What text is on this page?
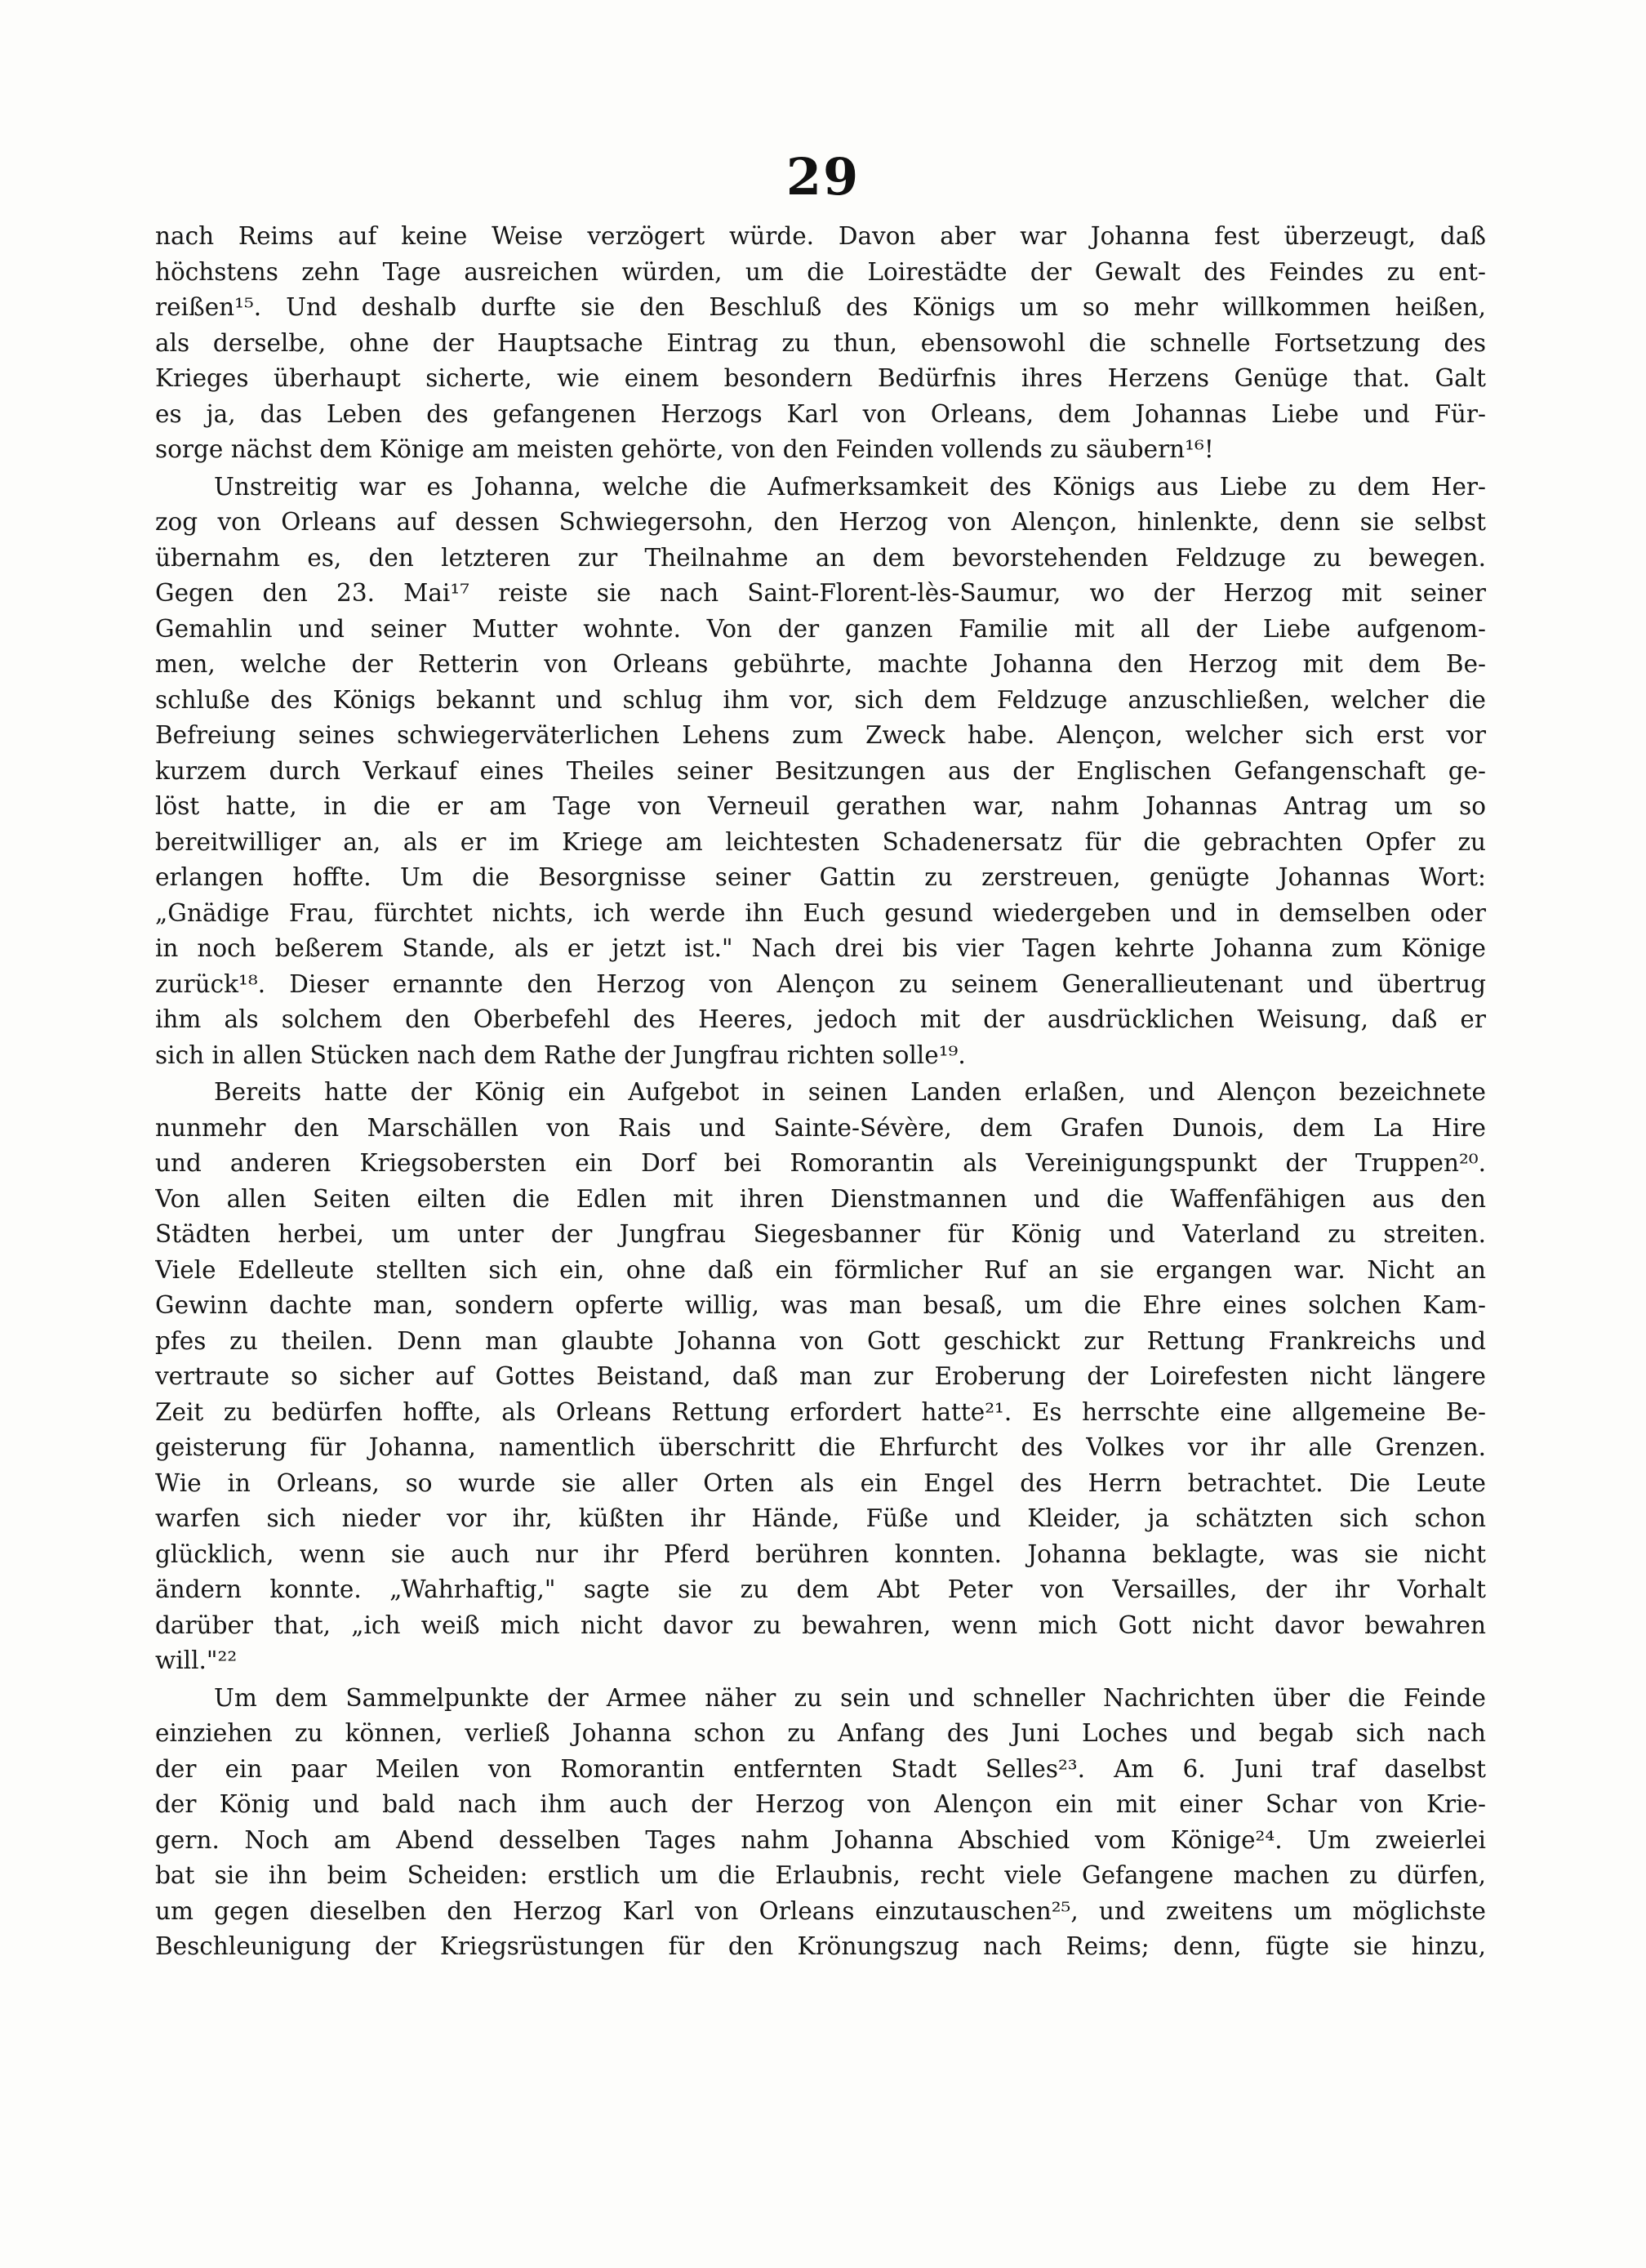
29
nach Reims auf keine Weise verzögert würde. Davon aber war Johanna fest überzeugt, daß
höchstens zehn Tage ausreichen würden, um die Loirestädte der Gewalt des Feindes zu ent-
reißen¹⁵. Und deshalb durfte sie den Beschluß des Königs um so mehr willkommen heißen,
als derselbe, ohne der Hauptsache Eintrag zu thun, ebensowohl die schnelle Fortsetzung des
Krieges überhaupt sicherte, wie einem besondern Bedürfnis ihres Herzens Genüge that. Galt
es ja, das Leben des gefangenen Herzogs Karl von Orleans, dem Johannas Liebe und Für-
sorge nächst dem Könige am meisten gehörte, von den Feinden vollends zu säubern¹⁶!
Unstreitig war es Johanna, welche die Aufmerksamkeit des Königs aus Liebe zu dem Her-
zog von Orleans auf dessen Schwiegersohn, den Herzog von Alençon, hinlenkte, denn sie selbst
übernahm es, den letzteren zur Theilnahme an dem bevorstehenden Feldzuge zu bewegen.
Gegen den 23. Mai¹⁷ reiste sie nach Saint-Florent-lès-Saumur, wo der Herzog mit seiner
Gemahlin und seiner Mutter wohnte. Von der ganzen Familie mit all der Liebe aufgenom-
men, welche der Retterin von Orleans gebührte, machte Johanna den Herzog mit dem Be-
schluße des Königs bekannt und schlug ihm vor, sich dem Feldzuge anzuschließen, welcher die
Befreiung seines schwiegerväterlichen Lehens zum Zweck habe. Alençon, welcher sich erst vor
kurzem durch Verkauf eines Theiles seiner Besitzungen aus der Englischen Gefangenschaft ge-
löst hatte, in die er am Tage von Verneuil gerathen war, nahm Johannas Antrag um so
bereitwilliger an, als er im Kriege am leichtesten Schadenersatz für die gebrachten Opfer zu
erlangen hoffte. Um die Besorgnisse seiner Gattin zu zerstreuen, genügte Johannas Wort:
„Gnädige Frau, fürchtet nichts, ich werde ihn Euch gesund wiedergeben und in demselben oder
in noch beßerem Stande, als er jetzt ist." Nach drei bis vier Tagen kehrte Johanna zum Könige
zurück¹⁸. Dieser ernannte den Herzog von Alençon zu seinem Generallieutenant und übertrug
ihm als solchem den Oberbefehl des Heeres, jedoch mit der ausdrücklichen Weisung, daß er
sich in allen Stücken nach dem Rathe der Jungfrau richten solle¹⁹.
Bereits hatte der König ein Aufgebot in seinen Landen erlaßen, und Alençon bezeichnete
nunmehr den Marschällen von Rais und Sainte-Sévère, dem Grafen Dunois, dem La Hire
und anderen Kriegsobersten ein Dorf bei Romorantin als Vereinigungspunkt der Truppen²⁰.
Von allen Seiten eilten die Edlen mit ihren Dienstmannen und die Waffenfähigen aus den
Städten herbei, um unter der Jungfrau Siegesbanner für König und Vaterland zu streiten.
Viele Edelleute stellten sich ein, ohne daß ein förmlicher Ruf an sie ergangen war. Nicht an
Gewinn dachte man, sondern opferte willig, was man besaß, um die Ehre eines solchen Kam-
pfes zu theilen. Denn man glaubte Johanna von Gott geschickt zur Rettung Frankreichs und
vertraute so sicher auf Gottes Beistand, daß man zur Eroberung der Loirefesten nicht längere
Zeit zu bedürfen hoffte, als Orleans Rettung erfordert hatte²¹. Es herrschte eine allgemeine Be-
geisterung für Johanna, namentlich überschritt die Ehrfurcht des Volkes vor ihr alle Grenzen.
Wie in Orleans, so wurde sie aller Orten als ein Engel des Herrn betrachtet. Die Leute
warfen sich nieder vor ihr, küßten ihr Hände, Füße und Kleider, ja schätzten sich schon
glücklich, wenn sie auch nur ihr Pferd berühren konnten. Johanna beklagte, was sie nicht
ändern konnte. „Wahrhaftig," sagte sie zu dem Abt Peter von Versailles, der ihr Vorhalt
darüber that, „ich weiß mich nicht davor zu bewahren, wenn mich Gott nicht davor bewahren
will."²²
Um dem Sammelpunkte der Armee näher zu sein und schneller Nachrichten über die Feinde
einziehen zu können, verließ Johanna schon zu Anfang des Juni Loches und begab sich nach
der ein paar Meilen von Romorantin entfernten Stadt Selles²³. Am 6. Juni traf daselbst
der König und bald nach ihm auch der Herzog von Alençon ein mit einer Schar von Krie-
gern. Noch am Abend desselben Tages nahm Johanna Abschied vom Könige²⁴. Um zweierlei
bat sie ihn beim Scheiden: erstlich um die Erlaubnis, recht viele Gefangene machen zu dürfen,
um gegen dieselben den Herzog Karl von Orleans einzutauschen²⁵, und zweitens um möglichste
Beschleunigung der Kriegsrüstungen für den Krönungszug nach Reims; denn, fügte sie hinzu,
